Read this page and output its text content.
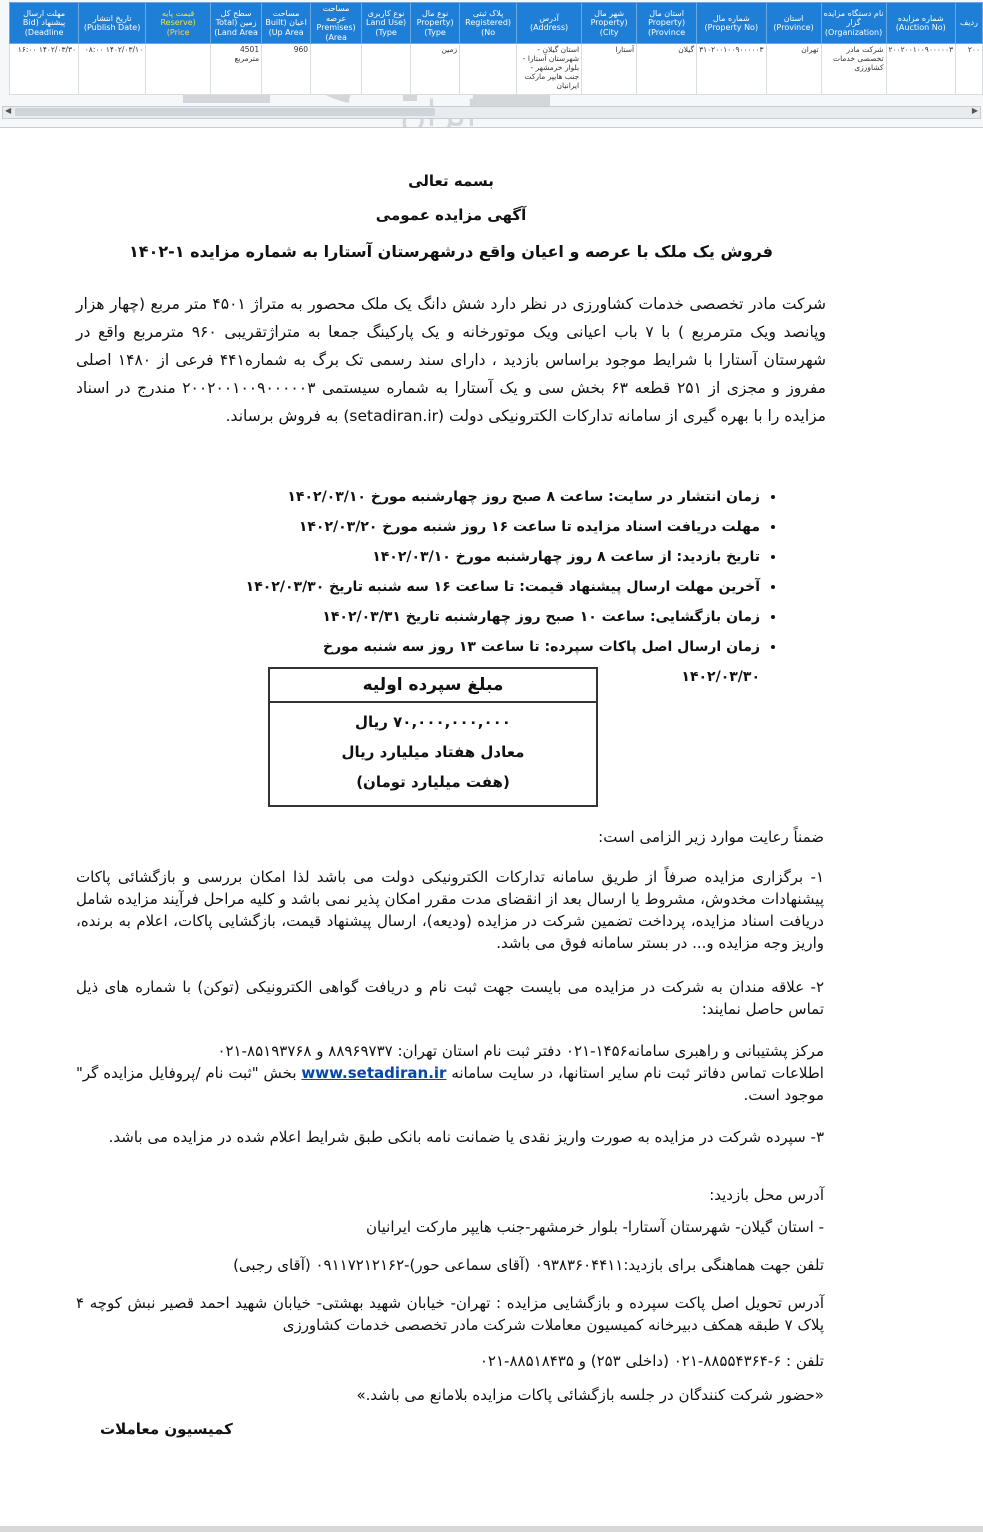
ردیف	شماره مزایده (Auction No)	نام دستگاه مزایده گزار (Organization)	استان (Province)	شماره مال (Property No)	استان مال (Property Province)	شهر مال (Property City)	آدرس (Address)	پلاک ثبتی (Registered No)	نوع مال (Property Type)	نوع کاربری (Land Use Type)	مساحت عرصه (Premises Area)	مساحت اعیان (Built Up Area)	سطح کل زمین (Total Land Area)	قیمت پایه (Reserve Price)	تاریخ انتشار (Publish Date)	مهلت ارسال پیشنهاد (Bid Deadline)
۲۰۰	۲۰۰۲۰۰۱۰۰۹۰۰۰۰۰۳	شرکت مادر تخصصی خدمات کشاورزی	تهران	۳۱۰۲۰۰۱۰۰۹۰۰۰۰۰۳	گیلان	آستارا	استان گیلان - شهرستان آستارا - بلوار خرمشهر - جنب هایپر مارکت ایرانیان		زمین			960	4501 مترمربع		۱۴۰۲/۰۳/۱۰ ۰۸:۰۰	۱۴۰۲/۰۳/۳۰ ۱۶:۰۰
◀	▶
بسمه تعالی
آگهی مزایده عمومی
فروش یک ملک با عرصه و اعیان واقع درشهرستان آستارا به شماره مزایده ۱-۱۴۰۲
شرکت مادر تخصصی خدمات کشاورزی در نظر دارد شش دانگ یک ملک محصور به متراژ ۴۵۰۱ متر مربع (چهار هزار وپانصد ویک مترمربع ) با ۷ باب اعیانی ویک موتورخانه و یک پارکینگ جمعا به متراژتقریبی ۹۶۰ مترمربع واقع در شهرستان آستارا با شرایط موجود براساس بازدید ، دارای سند رسمی تک برگ به شماره۴۴۱ فرعی از ۱۴۸۰ اصلی مفروز و مجزی از ۲۵۱ قطعه ۶۳ بخش سی و یک آستارا به شماره سیستمی ۲۰۰۲۰۰۱۰۰۹۰۰۰۰۰۳ مندرج در اسناد مزایده را با بهره گیری از سامانه تدارکات الکترونیکی دولت (setadiran.ir) به فروش برساند.
• زمان انتشار در سایت: ساعت ۸ صبح روز چهارشنبه مورخ ۱۴۰۲/۰۳/۱۰
• مهلت دریافت اسناد مزایده تا ساعت ۱۶ روز شنبه مورخ ۱۴۰۲/۰۳/۲۰
• تاریخ بازدید: از ساعت ۸ روز چهارشنبه مورخ ۱۴۰۲/۰۳/۱۰
• آخرین مهلت ارسال پیشنهاد قیمت: تا ساعت ۱۶ سه شنبه تاریخ ۱۴۰۲/۰۳/۳۰
• زمان بازگشایی: ساعت ۱۰ صبح روز چهارشنبه تاریخ ۱۴۰۲/۰۳/۳۱
• زمان ارسال اصل پاکات سپرده: تا ساعت ۱۳ روز سه شنبه مورخ ۱۴۰۲/۰۳/۳۰
مبلغ سپرده اولیه
۷۰,۰۰۰,۰۰۰,۰۰۰ ریال
معادل هفتاد میلیارد ریال
(هفت میلیارد تومان)
ضمناً رعایت موارد زیر الزامی است:
۱- برگزاری مزایده صرفاً از طریق سامانه تدارکات الکترونیکی دولت می باشد لذا امکان بررسی و بازگشائی پاکات پیشنهادات مخدوش، مشروط یا ارسال بعد از انقضای مدت مقرر امکان پذیر نمی باشد و کلیه مراحل فرآیند مزایده شامل دریافت اسناد مزایده، پرداخت تضمین شرکت در مزایده (ودیعه)، ارسال پیشنهاد قیمت، بازگشایی پاکات، اعلام به برنده، واریز وجه مزایده و... در بستر سامانه فوق می باشد.
۲- علاقه مندان به شرکت در مزایده می بایست جهت ثبت نام و دریافت گواهی الکترونیکی (توکن) با شماره های ذیل تماس حاصل نمایند:
مرکز پشتیبانی و راهبری سامانه۱۴۵۶-۰۲۱ دفتر ثبت نام استان تهران: ۸۸۹۶۹۷۳۷ و ۸۵۱۹۳۷۶۸-۰۲۱
اطلاعات تماس دفاتر ثبت نام سایر استانها، در سایت سامانه www.setadiran.ir بخش "ثبت نام /پروفایل مزایده گر" موجود است.
۳- سپرده شرکت در مزایده به صورت واریز نقدی یا ضمانت نامه بانکی طبق شرایط اعلام شده در مزایده می باشد.
آدرس محل بازدید:
- استان گیلان- شهرستان آستارا- بلوار خرمشهر-جنب هایپر مارکت ایرانیان
تلفن جهت هماهنگی برای بازدید:۰۹۳۸۳۶۰۴۴۱۱ (آقای سماعی حور)-۰۹۱۱۷۲۱۲۱۶۲ (آقای رجبی)
آدرس تحویل اصل پاکت سپرده و بازگشایی مزایده : تهران- خیابان شهید بهشتی- خیابان شهید احمد قصیر نبش کوچه ۴ پلاک ۷ طبقه همکف دبیرخانه کمیسیون معاملات شرکت مادر تخصصی خدمات کشاورزی
تلفن : ۶-۸۸۵۵۴۳۶۴-۰۲۱ (داخلی ۲۵۳) و ۸۸۵۱۸۴۳۵-۰۲۱
«حضور شرکت کنندگان در جلسه بازگشائی پاکات مزایده بلامانع می باشد.»
کمیسیون معاملات
